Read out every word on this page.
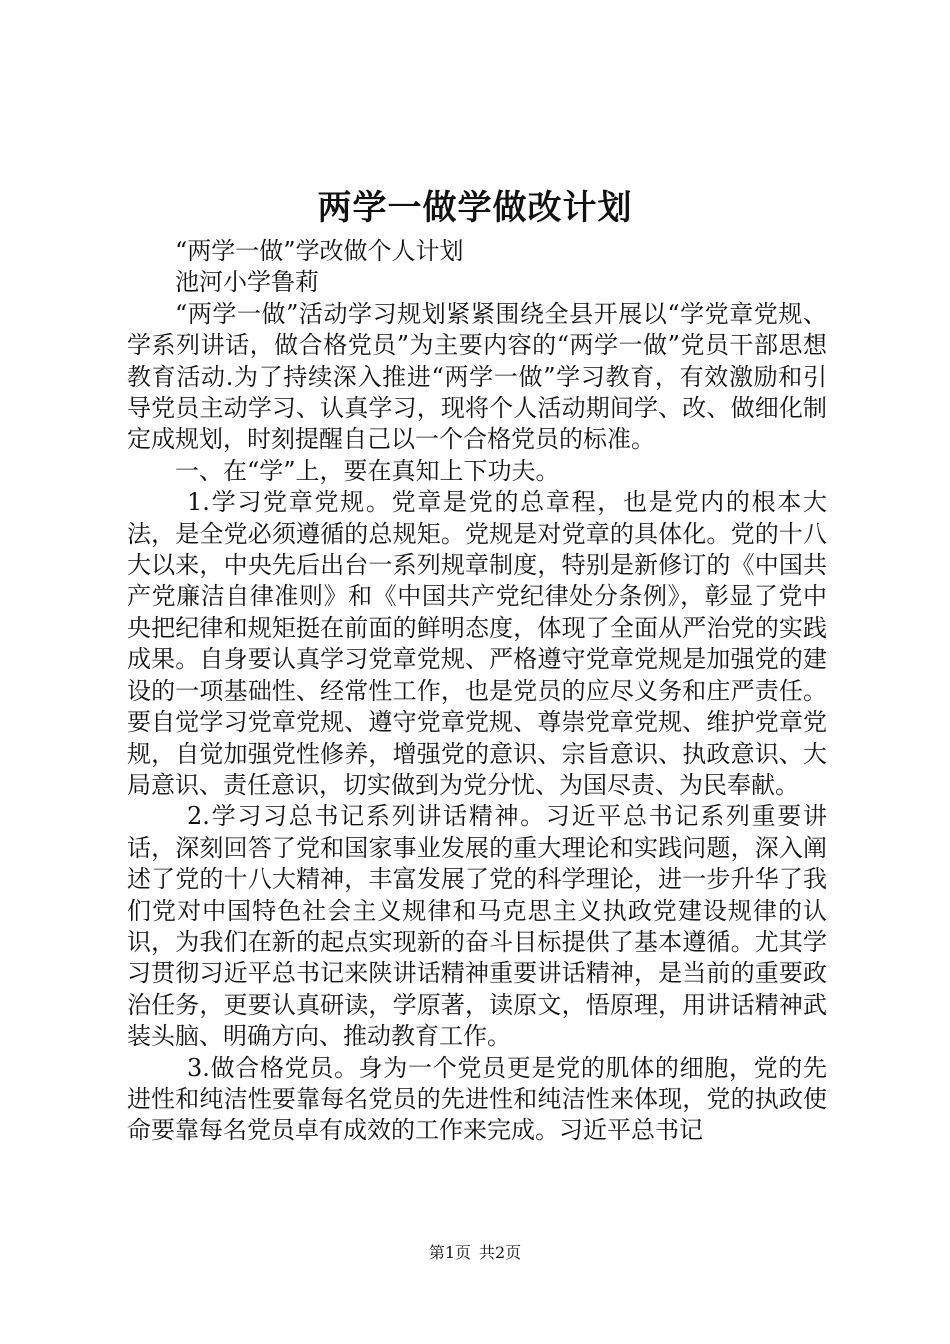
两学一做学做改计划

“两学一做”学改做个人计划

池河小学鲁莉

“两学一做”活动学习规划紧紧围绕全县开展以“学党章党规、学系列讲话，做合格党员”为主要内容的“两学一做”党员干部思想教育活动.为了持续深入推进“两学一做”学习教育，有效激励和引导党员主动学习、认真学习，现将个人活动期间学、改、做细化制定成规划，时刻提醒自己以一个合格党员的标准。

一、在“学”上，要在真知上下功夫。

1.学习党章党规。党章是党的总章程，也是党内的根本大法，是全党必须遵循的总规矩。党规是对党章的具体化。党的十八大以来，中央先后出台一系列规章制度，特别是新修订的《中国共产党廉洁自律准则》和《中国共产党纪律处分条例》，彰显了党中央把纪律和规矩挺在前面的鲜明态度，体现了全面从严治党的实践成果。自身要认真学习党章党规、严格遵守党章党规是加强党的建设的一项基础性、经常性工作，也是党员的应尽义务和庄严责任。要自觉学习党章党规、遵守党章党规、尊崇党章党规、维护党章党规，自觉加强党性修养，增强党的意识、宗旨意识、执政意识、大局意识、责任意识，切实做到为党分忧、为国尽责、为民奉献。

2.学习习总书记系列讲话精神。习近平总书记系列重要讲话，深刻回答了党和国家事业发展的重大理论和实践问题，深入阐述了党的十八大精神，丰富发展了党的科学理论，进一步升华了我们党对中国特色社会主义规律和马克思主义执政党建设规律的认识，为我们在新的起点实现新的奋斗目标提供了基本遵循。尤其学习贯彻习近平总书记来陕讲话精神重要讲话精神，是当前的重要政治任务，更要认真研读，学原著，读原文，悟原理，用讲话精神武装头脑、明确方向、推动教育工作。

3.做合格党员。身为一个党员更是党的肌体的细胞，党的先进性和纯洁性要靠每名党员的先进性和纯洁性来体现，党的执政使命要靠每名党员卓有成效的工作来完成。习近平总书记

第1页 共2页
